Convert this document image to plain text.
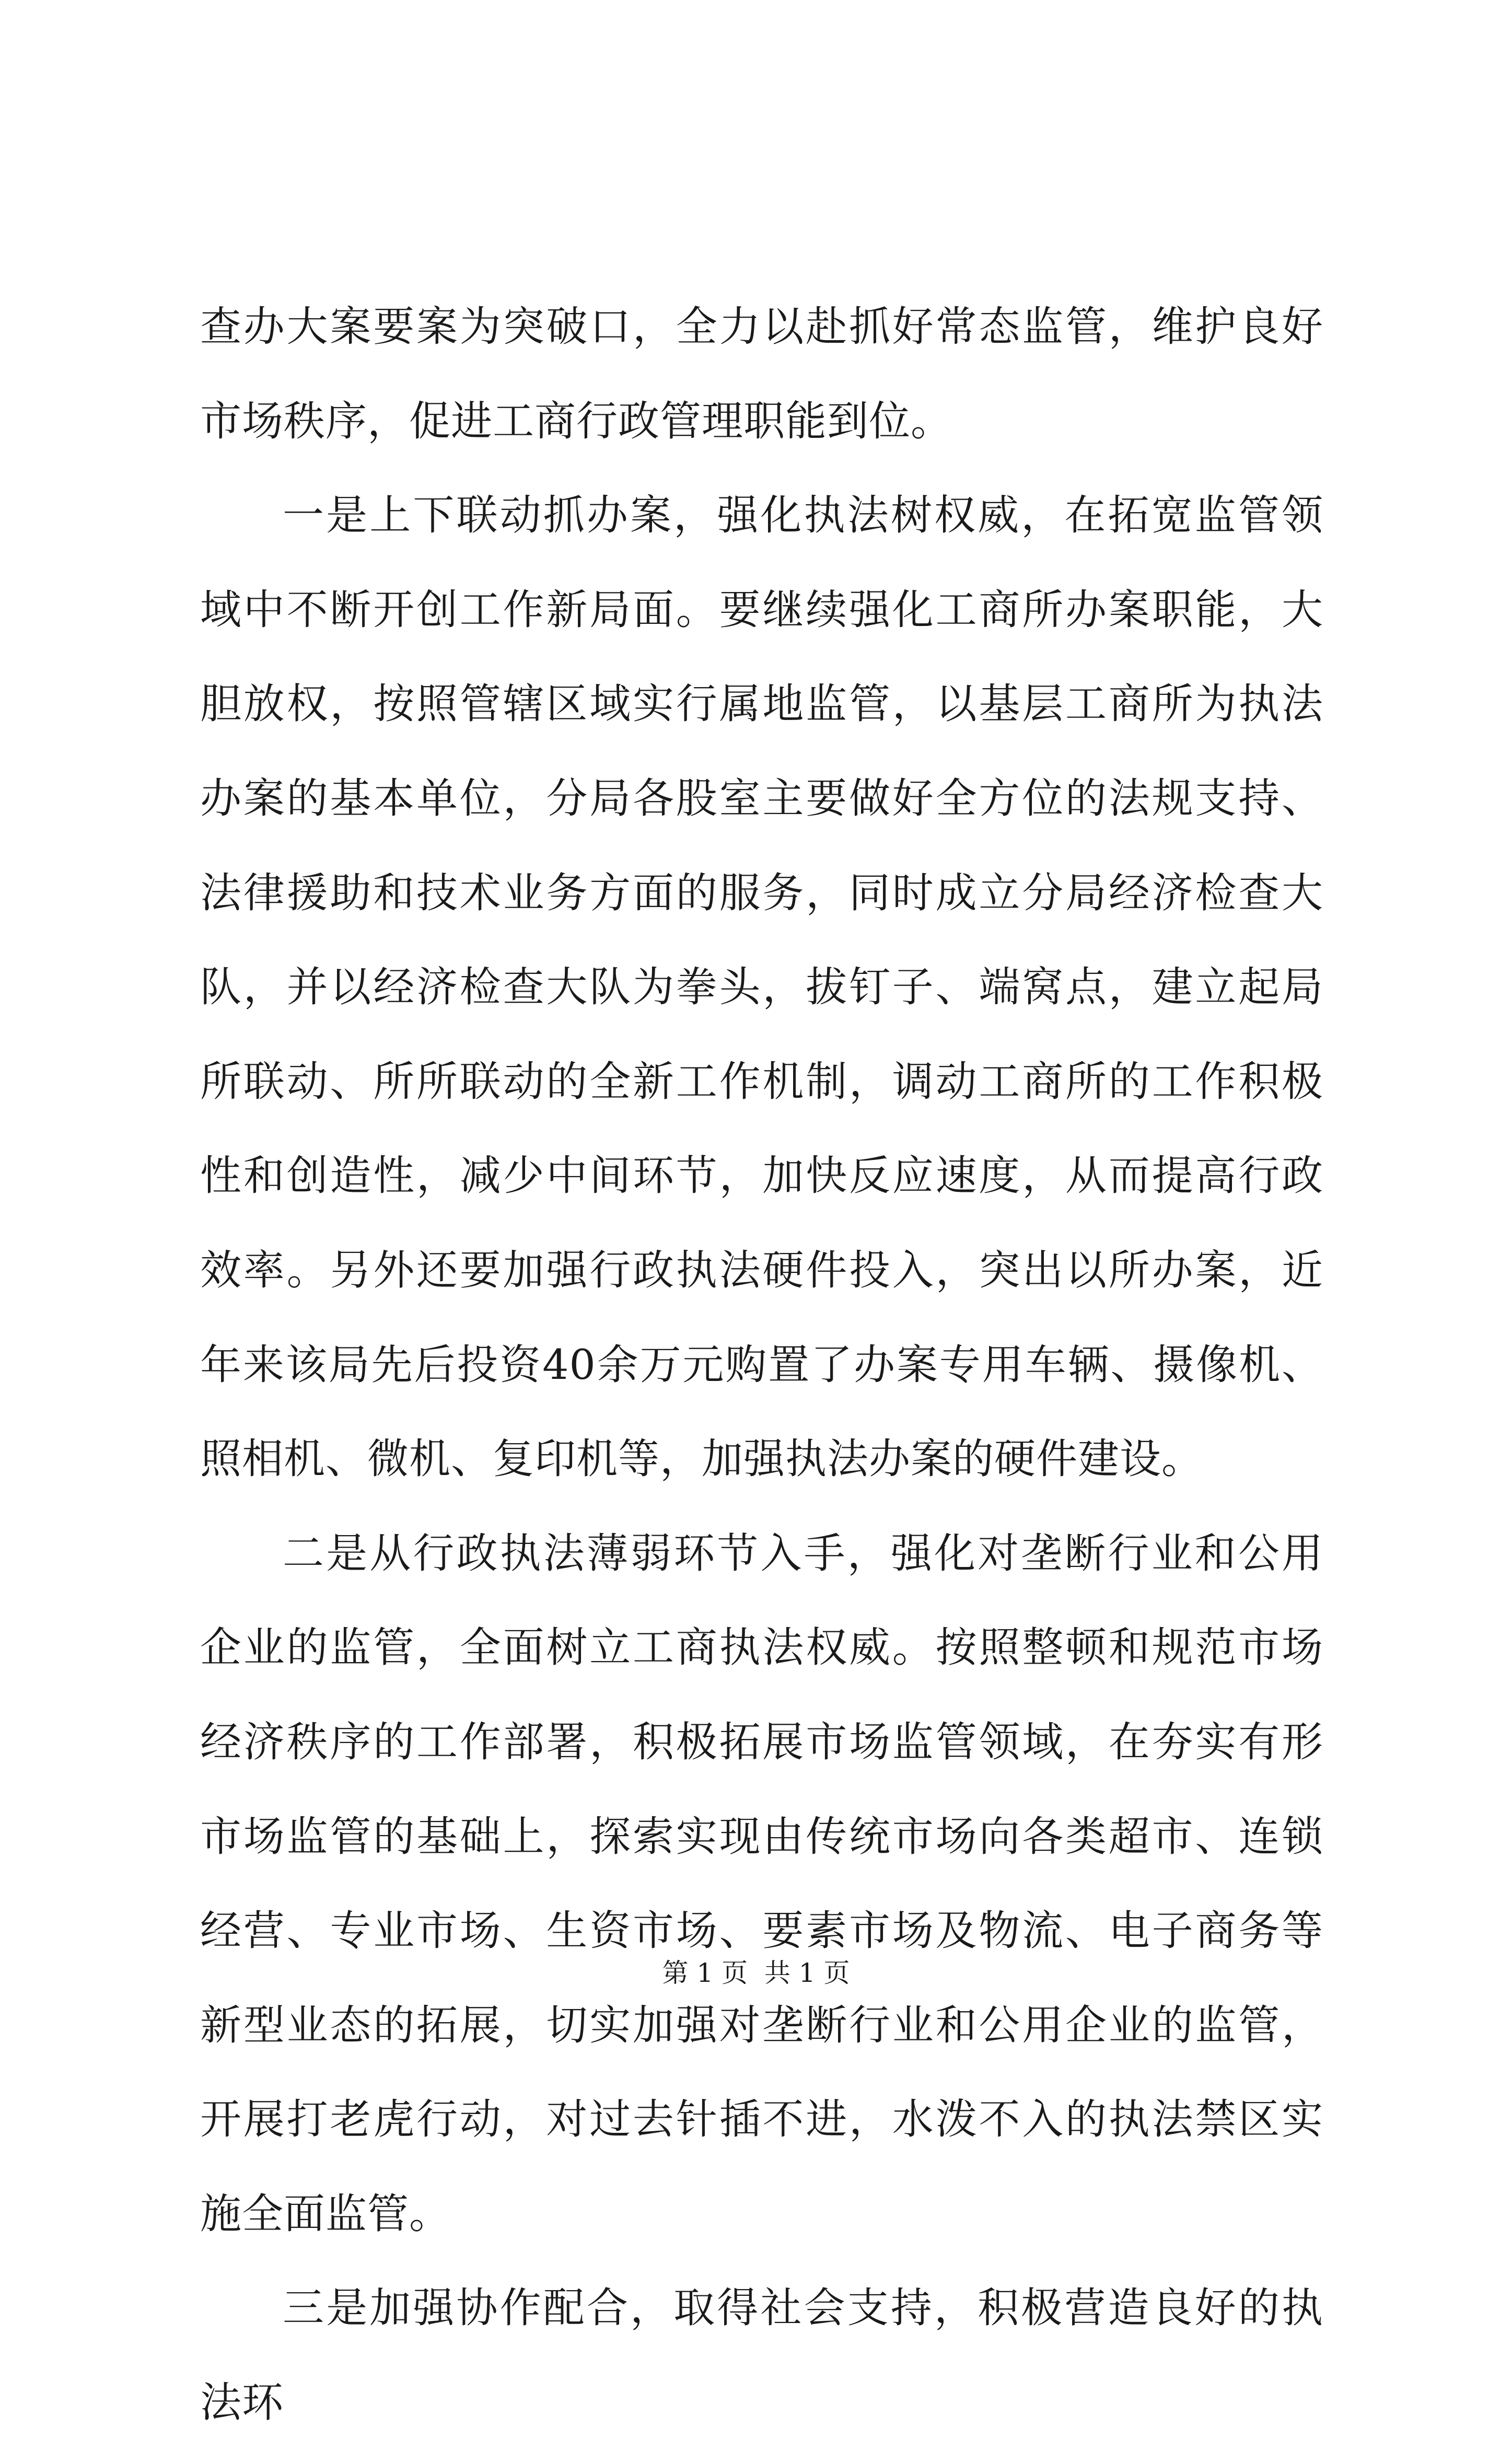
查办大案要案为突破口，全力以赴抓好常态监管，维护良好市场秩序，促进工商行政管理职能到位。

一是上下联动抓办案，强化执法树权威，在拓宽监管领域中不断开创工作新局面。要继续强化工商所办案职能，大胆放权，按照管辖区域实行属地监管，以基层工商所为执法办案的基本单位，分局各股室主要做好全方位的法规支持、法律援助和技术业务方面的服务，同时成立分局经济检查大队，并以经济检查大队为拳头，拔钉子、端窝点，建立起局所联动、所所联动的全新工作机制，调动工商所的工作积极性和创造性，减少中间环节，加快反应速度，从而提高行政效率。另外还要加强行政执法硬件投入，突出以所办案，近年来该局先后投资40余万元购置了办案专用车辆、摄像机、照相机、微机、复印机等，加强执法办案的硬件建设。

二是从行政执法薄弱环节入手，强化对垄断行业和公用企业的监管，全面树立工商执法权威。按照整顿和规范市场经济秩序的工作部署，积极拓展市场监管领域，在夯实有形市场监管的基础上，探索实现由传统市场向各类超市、连锁经营、专业市场、生资市场、要素市场及物流、电子商务等新型业态的拓展，切实加强对垄断行业和公用企业的监管，开展打老虎行动，对过去针插不进，水泼不入的执法禁区实施全面监管。

三是加强协作配合，取得社会支持，积极营造良好的执法环

第 1 页  共 1 页
